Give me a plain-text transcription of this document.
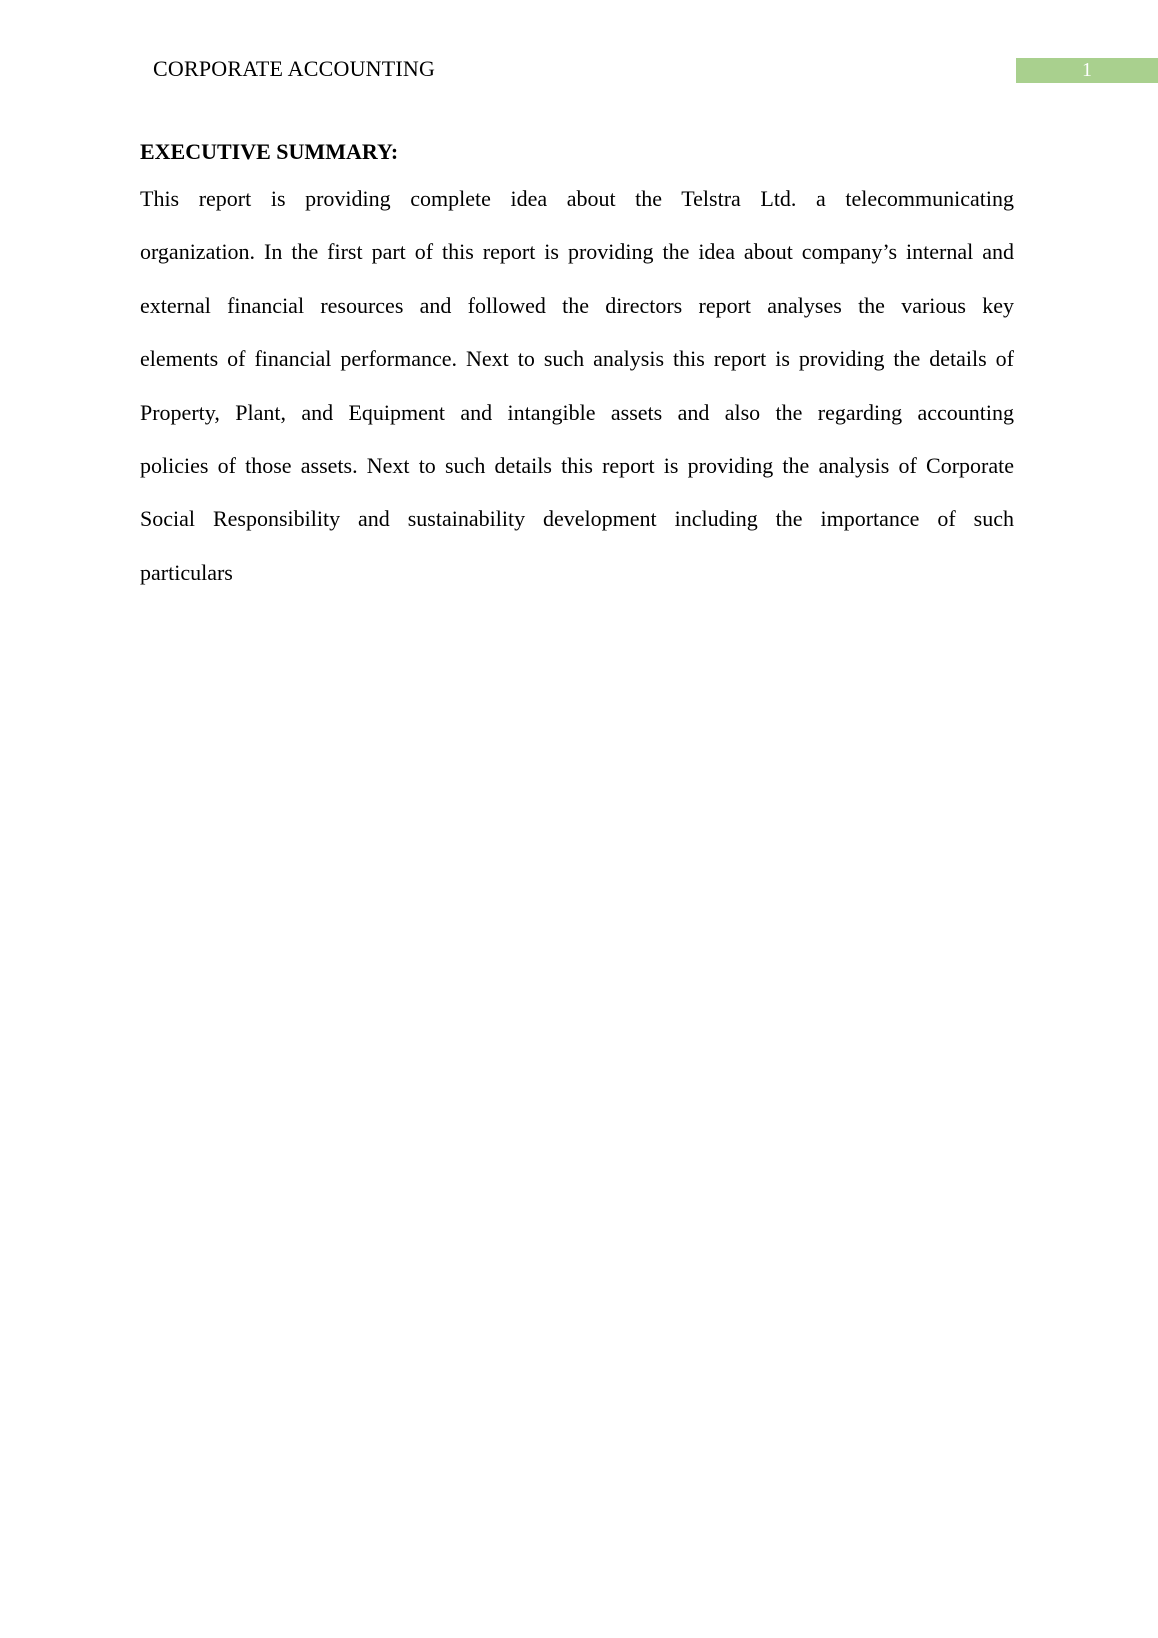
CORPORATE ACCOUNTING	1
EXECUTIVE SUMMARY:
This report is providing complete idea about the Telstra Ltd. a telecommunicating
organization. In the first part of this report is providing the idea about company’s internal and
external financial resources and followed the directors report analyses the various key
elements of financial performance. Next to such analysis this report is providing the details of
Property, Plant, and Equipment and intangible assets and also the regarding accounting
policies of those assets. Next to such details this report is providing the analysis of Corporate
Social Responsibility and sustainability development including the importance of such
particulars
